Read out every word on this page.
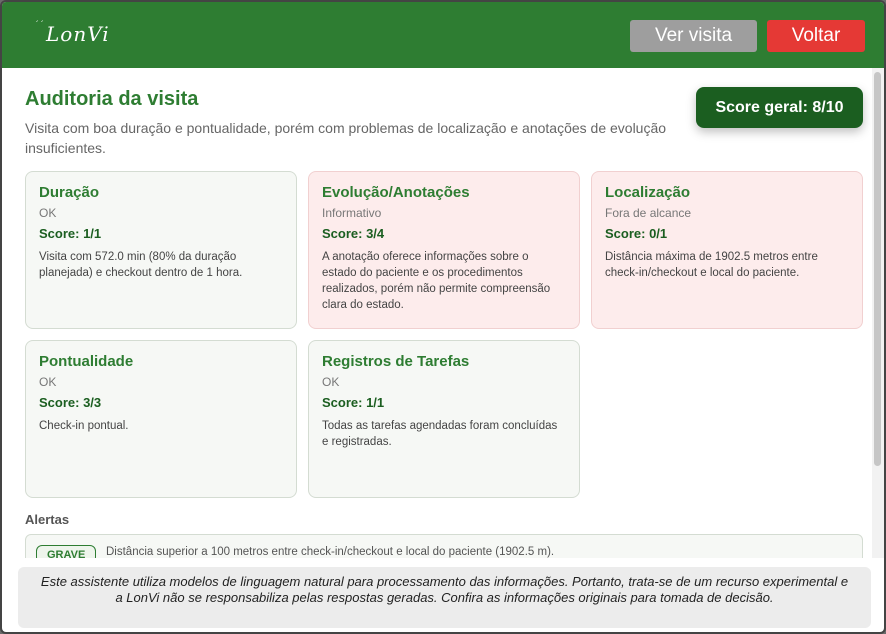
´´ LonVi	Ver visita	Voltar
Auditoria da visita
Visita com boa duração e pontualidade, porém com problemas de localização e anotações de evolução insuficientes.
Score geral: 8/10
Duração
OK
Score: 1/1
Visita com 572.0 min (80% da duração planejada) e checkout dentro de 1 hora.
Evolução/Anotações
Informativo
Score: 3/4
A anotação oferece informações sobre o estado do paciente e os procedimentos realizados, porém não permite compreensão clara do estado.
Localização
Fora de alcance
Score: 0/1
Distância máxima de 1902.5 metros entre check-in/checkout e local do paciente.
Pontualidade
OK
Score: 3/3
Check-in pontual.
Registros de Tarefas
OK
Score: 1/1
Todas as tarefas agendadas foram concluídas e registradas.
Alertas
GRAVE	Distância superior a 100 metros entre check-in/checkout e local do paciente (1902.5 m).
Este assistente utiliza modelos de linguagem natural para processamento das informações. Portanto, trata-se de um recurso experimental e a LonVi não se responsabiliza pelas respostas geradas. Confira as informações originais para tomada de decisão.
